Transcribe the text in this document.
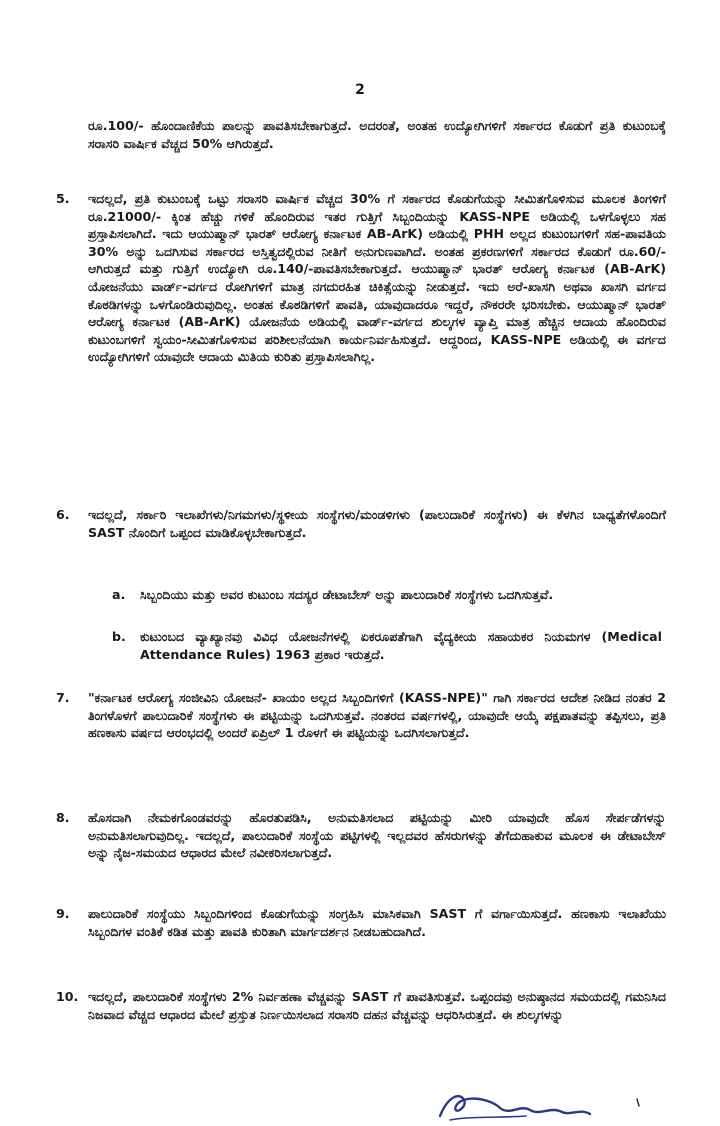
2
ರೂ.100/- ಹೊಂದಾಣಿಕೆಯ ಪಾಲನ್ನು ಪಾವತಿಸಬೇಕಾಗುತ್ತದೆ. ಅದರಂತೆ, ಅಂತಹ ಉದ್ಯೋಗಿಗಳಿಗೆ ಸರ್ಕಾರದ ಕೊಡುಗೆ ಪ್ರತಿ ಕುಟುಂಬಕ್ಕೆ ಸರಾಸರಿ ವಾರ್ಷಿಕ ವೆಚ್ಚದ 50% ಆಗಿರುತ್ತದೆ.
5.	ಇದಲ್ಲದೆ, ಪ್ರತಿ ಕುಟುಂಬಕ್ಕೆ ಒಟ್ಟು ಸರಾಸರಿ ವಾರ್ಷಿಕ ವೆಚ್ಚದ 30% ಗೆ ಸರ್ಕಾರದ ಕೊಡುಗೆಯನ್ನು ಸೀಮಿತಗೊಳಿಸುವ ಮೂಲಕ ತಿಂಗಳಿಗೆ ರೂ.21000/- ಕ್ಕಿಂತ ಹೆಚ್ಚು ಗಳಿಕೆ ಹೊಂದಿರುವ ಇತರ ಗುತ್ತಿಗೆ ಸಿಬ್ಬಂದಿಯನ್ನು KASS-NPE ಅಡಿಯಲ್ಲಿ ಒಳಗೊಳ್ಳಲು ಸಹ ಪ್ರಸ್ತಾಪಿಸಲಾಗಿದೆ. ಇದು ಆಯುಷ್ಮಾನ್ ಭಾರತ್ ಆರೋಗ್ಯ ಕರ್ನಾಟಕ AB-ArK) ಅಡಿಯಲ್ಲಿ PHH ಅಲ್ಲದ ಕುಟುಂಬಗಳಿಗೆ ಸಹ-ಪಾವತಿಯ 30% ಅನ್ನು ಒದಗಿಸುವ ಸರ್ಕಾರದ ಅಸ್ತಿತ್ವದಲ್ಲಿರುವ ನೀತಿಗೆ ಅನುಗುಣವಾಗಿದೆ. ಅಂತಹ ಪ್ರಕರಣಗಳಿಗೆ ಸರ್ಕಾರದ ಕೊಡುಗೆ ರೂ.60/- ಆಗಿರುತ್ತದೆ ಮತ್ತು ಗುತ್ತಿಗೆ ಉದ್ಯೋಗಿ ರೂ.140/-ಪಾವತಿಸಬೇಕಾಗುತ್ತದೆ. ಆಯುಷ್ಮಾನ್ ಭಾರತ್ ಆರೋಗ್ಯ ಕರ್ನಾಟಕ (AB-ArK) ಯೋಜನೆಯು ವಾರ್ಡ್-ವರ್ಗದ ರೋಗಿಗಳಿಗೆ ಮಾತ್ರ ನಗದುರಹಿತ ಚಿಕಿತ್ಸೆಯನ್ನು ನೀಡುತ್ತದೆ. ಇದು ಅರೆ-ಖಾಸಗಿ ಅಥವಾ ಖಾಸಗಿ ವರ್ಗದ ಕೊಠಡಿಗಳನ್ನು ಒಳಗೊಂಡಿರುವುದಿಲ್ಲ. ಅಂತಹ ಕೊಠಡಿಗಳಿಗೆ ಪಾವತಿ, ಯಾವುದಾದರೂ ಇದ್ದರೆ, ನೌಕರರೇ ಭರಿಸಬೇಕು. ಆಯುಷ್ಮಾನ್ ಭಾರತ್ ಆರೋಗ್ಯ ಕರ್ನಾಟಕ (AB-ArK) ಯೋಜನೆಯ ಅಡಿಯಲ್ಲಿ ವಾರ್ಡ್-ವರ್ಗದ ಶುಲ್ಕಗಳ ವ್ಯಾಪ್ತಿ ಮಾತ್ರ ಹೆಚ್ಚಿನ ಆದಾಯ ಹೊಂದಿರುವ ಕುಟುಂಬಗಳಿಗೆ ಸ್ವಯಂ-ಸೀಮಿತಗೊಳಿಸುವ ಪರಿಶೀಲನೆಯಾಗಿ ಕಾರ್ಯನಿರ್ವಹಿಸುತ್ತದೆ. ಆದ್ದರಿಂದ, KASS-NPE ಅಡಿಯಲ್ಲಿ ಈ ವರ್ಗದ ಉದ್ಯೋಗಿಗಳಿಗೆ ಯಾವುದೇ ಆದಾಯ ಮಿತಿಯ ಕುರಿತು ಪ್ರಸ್ತಾಪಿಸಲಾಗಿಲ್ಲ.
6.	ಇದಲ್ಲದೆ, ಸರ್ಕಾರಿ ಇಲಾಖೆಗಳು/ನಿಗಮಗಳು/ಸ್ಥಳೀಯ ಸಂಸ್ಥೆಗಳು/ಮಂಡಳಿಗಳು (ಪಾಲುದಾರಿಕೆ ಸಂಸ್ಥೆಗಳು) ಈ ಕೆಳಗಿನ ಬಾಧ್ಯತೆಗಳೊಂದಿಗೆ SAST ನೊಂದಿಗೆ ಒಪ್ಪಂದ ಮಾಡಿಕೊಳ್ಳಬೇಕಾಗುತ್ತದೆ.
a.	ಸಿಬ್ಬಂದಿಯು ಮತ್ತು ಅವರ ಕುಟುಂಬ ಸದಸ್ಯರ ಡೇಟಾಬೇಸ್ ಅನ್ನು ಪಾಲುದಾರಿಕೆ ಸಂಸ್ಥೆಗಳು ಒದಗಿಸುತ್ತವೆ.
b.	ಕುಟುಂಬದ ವ್ಯಾಖ್ಯಾನವು ವಿವಿಧ ಯೋಜನೆಗಳಲ್ಲಿ ಏಕರೂಪತೆಗಾಗಿ ವೈದ್ಯಕೀಯ ಸಹಾಯಕರ ನಿಯಮಗಳ (Medical Attendance Rules) 1963 ಪ್ರಕಾರ ಇರುತ್ತದೆ.
7.	"ಕರ್ನಾಟಕ ಆರೋಗ್ಯ ಸಂಜೀವಿನಿ ಯೋಜನೆ- ಖಾಯಂ ಅಲ್ಲದ ಸಿಬ್ಬಂದಿಗಳಿಗೆ (KASS-NPE)" ಗಾಗಿ ಸರ್ಕಾರದ ಆದೇಶ ನೀಡಿದ ನಂತರ 2 ತಿಂಗಳೊಳಗೆ ಪಾಲುದಾರಿಕೆ ಸಂಸ್ಥೆಗಳು ಈ ಪಟ್ಟಿಯನ್ನು ಒದಗಿಸುತ್ತವೆ. ನಂತರದ ವರ್ಷಗಳಲ್ಲಿ, ಯಾವುದೇ ಆಯ್ಕೆ ಪಕ್ಷಪಾತವನ್ನು ತಪ್ಪಿಸಲು, ಪ್ರತಿ ಹಣಕಾಸು ವರ್ಷದ ಆರಂಭದಲ್ಲಿ ಅಂದರೆ ಏಪ್ರಿಲ್ 1 ರೊಳಗೆ ಈ ಪಟ್ಟಿಯನ್ನು ಒದಗಿಸಲಾಗುತ್ತದೆ.
8.	ಹೊಸದಾಗಿ ನೇಮಕಗೊಂಡವರನ್ನು ಹೊರತುಪಡಿಸಿ, ಅನುಮತಿಸಲಾದ ಪಟ್ಟಿಯನ್ನು ಮೀರಿ ಯಾವುದೇ ಹೊಸ ಸೇರ್ಪಡೆಗಳನ್ನು ಅನುಮತಿಸಲಾಗುವುದಿಲ್ಲ. ಇದಲ್ಲದೆ, ಪಾಲುದಾರಿಕೆ ಸಂಸ್ಥೆಯ ಪಟ್ಟಿಗಳಲ್ಲಿ ಇಲ್ಲದವರ ಹೆಸರುಗಳನ್ನು ತೆಗೆದುಹಾಕುವ ಮೂಲಕ ಈ ಡೇಟಾಬೇಸ್ ಅನ್ನು ನೈಜ-ಸಮಯದ ಆಧಾರದ ಮೇಲೆ ನವೀಕರಿಸಲಾಗುತ್ತದೆ.
9.	ಪಾಲುದಾರಿಕೆ ಸಂಸ್ಥೆಯು ಸಿಬ್ಬಂದಿಗಳಿಂದ ಕೊಡುಗೆಯನ್ನು ಸಂಗ್ರಹಿಸಿ ಮಾಸಿಕವಾಗಿ SAST ಗೆ ವರ್ಗಾಯಿಸುತ್ತದೆ. ಹಣಕಾಸು ಇಲಾಖೆಯು ಸಿಬ್ಬಂದಿಗಳ ವಂತಿಕೆ ಕಡಿತ ಮತ್ತು ಪಾವತಿ ಕುರಿತಾಗಿ ಮಾರ್ಗದರ್ಶನ ನೀಡಬಹುದಾಗಿದೆ.
10. ಇದಲ್ಲದೆ, ಪಾಲುದಾರಿಕೆ ಸಂಸ್ಥೆಗಳು 2% ನಿರ್ವಹಣಾ ವೆಚ್ಚವನ್ನು SAST ಗೆ ಪಾವತಿಸುತ್ತವೆ. ಒಪ್ಪಂದವು ಅನುಷ್ಠಾನದ ಸಮಯದಲ್ಲಿ ಗಮನಿಸಿದ ನಿಜವಾದ ವೆಚ್ಚದ ಆಧಾರದ ಮೇಲೆ ಪ್ರಸ್ತುತ ನಿರ್ಣಯಿಸಲಾದ ಸರಾಸರಿ ದಹನ ವೆಚ್ಚವನ್ನು ಆಧರಿಸಿರುತ್ತದೆ. ಈ ಶುಲ್ಕಗಳನ್ನು
